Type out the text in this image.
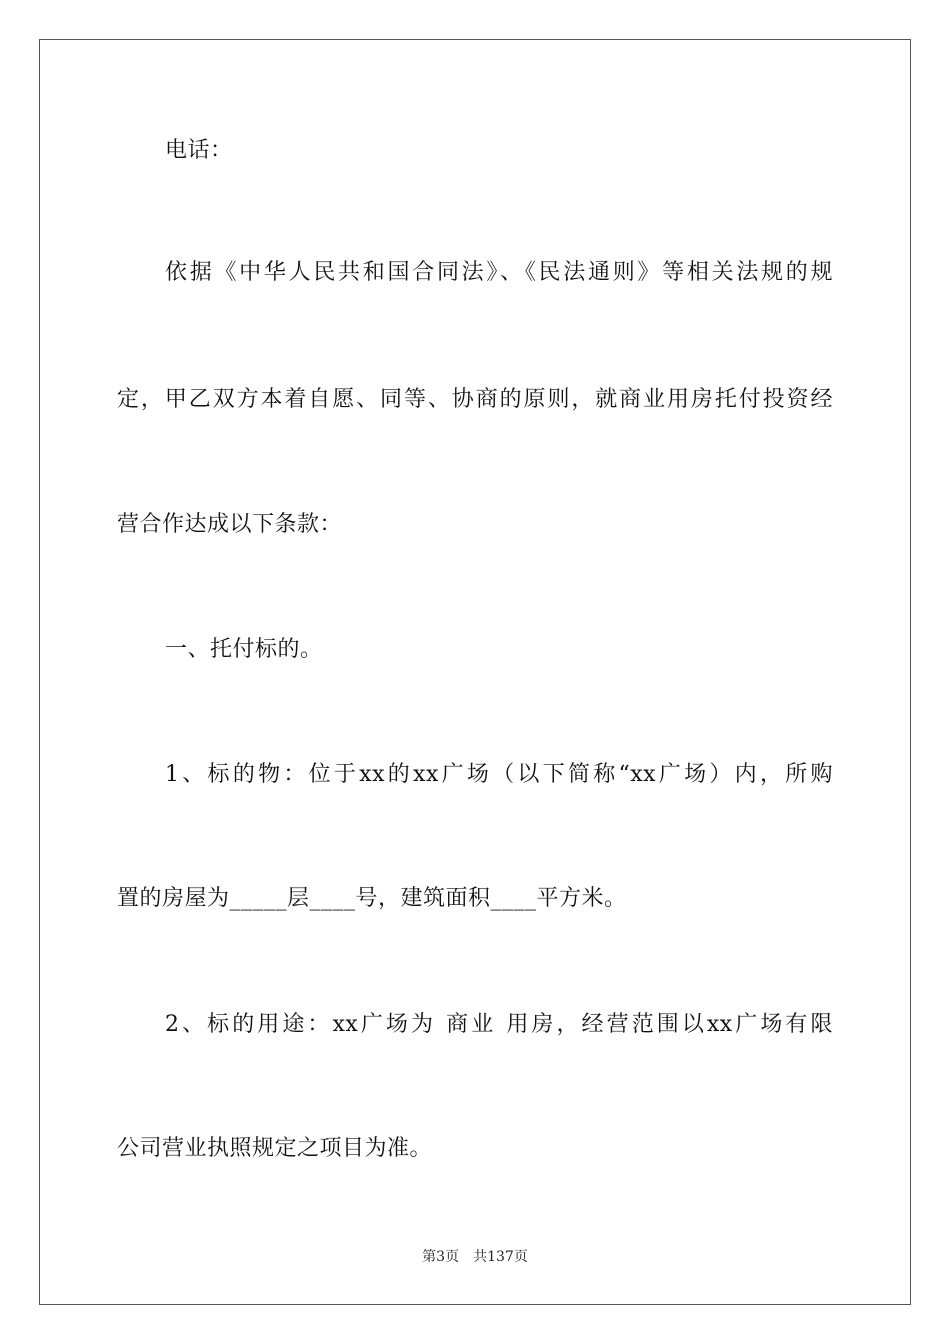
电话：
依据《中华人民共和国合同法》、《民法通则》等相关法规的规
定，甲乙双方本着自愿、同等、协商的原则，就商业用房托付投资经
营合作达成以下条款：
一、托付标的。
1、标的物：位于xx的xx广场（以下简称“xx广场）内，所购
置的房屋为_____层____号，建筑面积____平方米。
2、标的用途：xx广场为 商业 用房，经营范围以xx广场有限
公司营业执照规定之项目为准。
第3页 共137页
